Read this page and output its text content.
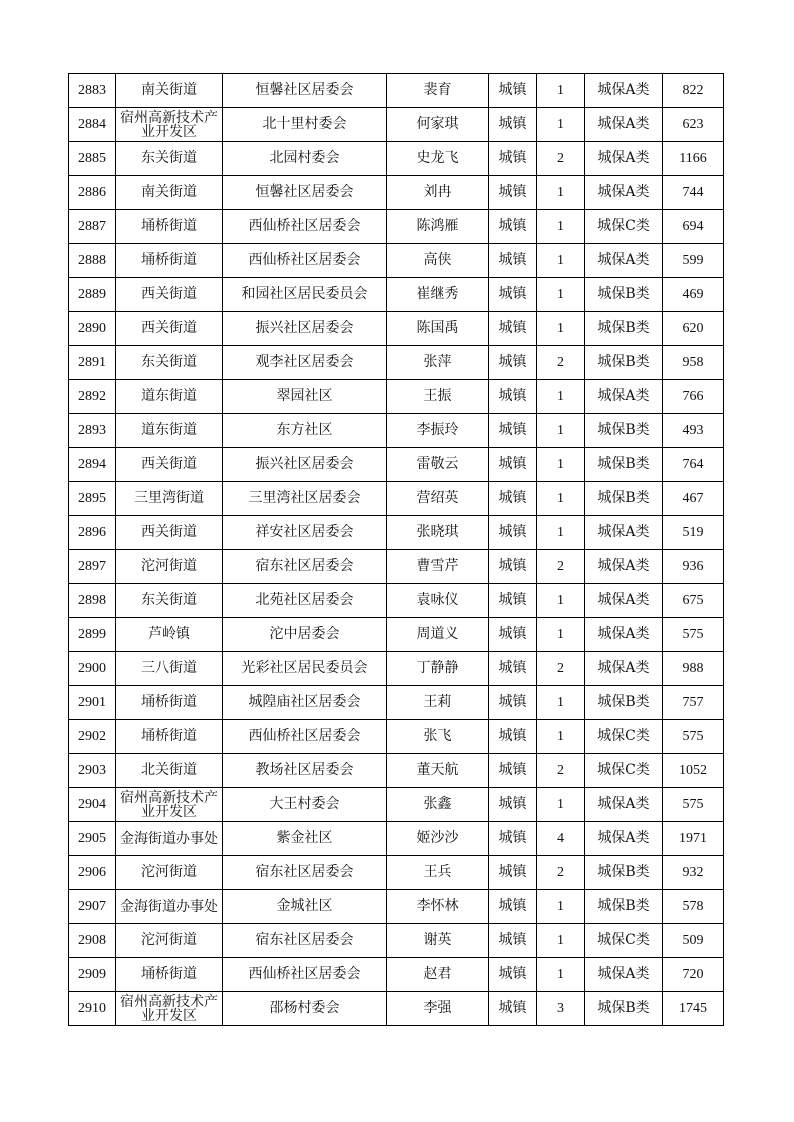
2883	南关街道	恒馨社区居委会	裴育	城镇	1	城保A类	822
2884	宿州高新技术产业开发区	北十里村委会	何家琪	城镇	1	城保A类	623
2885	东关街道	北园村委会	史龙飞	城镇	2	城保A类	1166
2886	南关街道	恒馨社区居委会	刘冉	城镇	1	城保A类	744
2887	埇桥街道	西仙桥社区居委会	陈鸿雁	城镇	1	城保C类	694
2888	埇桥街道	西仙桥社区居委会	高侠	城镇	1	城保A类	599
2889	西关街道	和园社区居民委员会	崔继秀	城镇	1	城保B类	469
2890	西关街道	振兴社区居委会	陈国禹	城镇	1	城保B类	620
2891	东关街道	观李社区居委会	张萍	城镇	2	城保B类	958
2892	道东街道	翠园社区	王振	城镇	1	城保A类	766
2893	道东街道	东方社区	李振玲	城镇	1	城保B类	493
2894	西关街道	振兴社区居委会	雷敬云	城镇	1	城保B类	764
2895	三里湾街道	三里湾社区居委会	营绍英	城镇	1	城保B类	467
2896	西关街道	祥安社区居委会	张晓琪	城镇	1	城保A类	519
2897	沱河街道	宿东社区居委会	曹雪芹	城镇	2	城保A类	936
2898	东关街道	北苑社区居委会	袁咏仪	城镇	1	城保A类	675
2899	芦岭镇	沱中居委会	周道义	城镇	1	城保A类	575
2900	三八街道	光彩社区居民委员会	丁静静	城镇	2	城保A类	988
2901	埇桥街道	城隍庙社区居委会	王莉	城镇	1	城保B类	757
2902	埇桥街道	西仙桥社区居委会	张飞	城镇	1	城保C类	575
2903	北关街道	教场社区居委会	董天航	城镇	2	城保C类	1052
2904	宿州高新技术产业开发区	大王村委会	张鑫	城镇	1	城保A类	575
2905	金海街道办事处	紫金社区	姬沙沙	城镇	4	城保A类	1971
2906	沱河街道	宿东社区居委会	王兵	城镇	2	城保B类	932
2907	金海街道办事处	金城社区	李怀林	城镇	1	城保B类	578
2908	沱河街道	宿东社区居委会	谢英	城镇	1	城保C类	509
2909	埇桥街道	西仙桥社区居委会	赵君	城镇	1	城保A类	720
2910	宿州高新技术产业开发区	邵杨村委会	李强	城镇	3	城保B类	1745
